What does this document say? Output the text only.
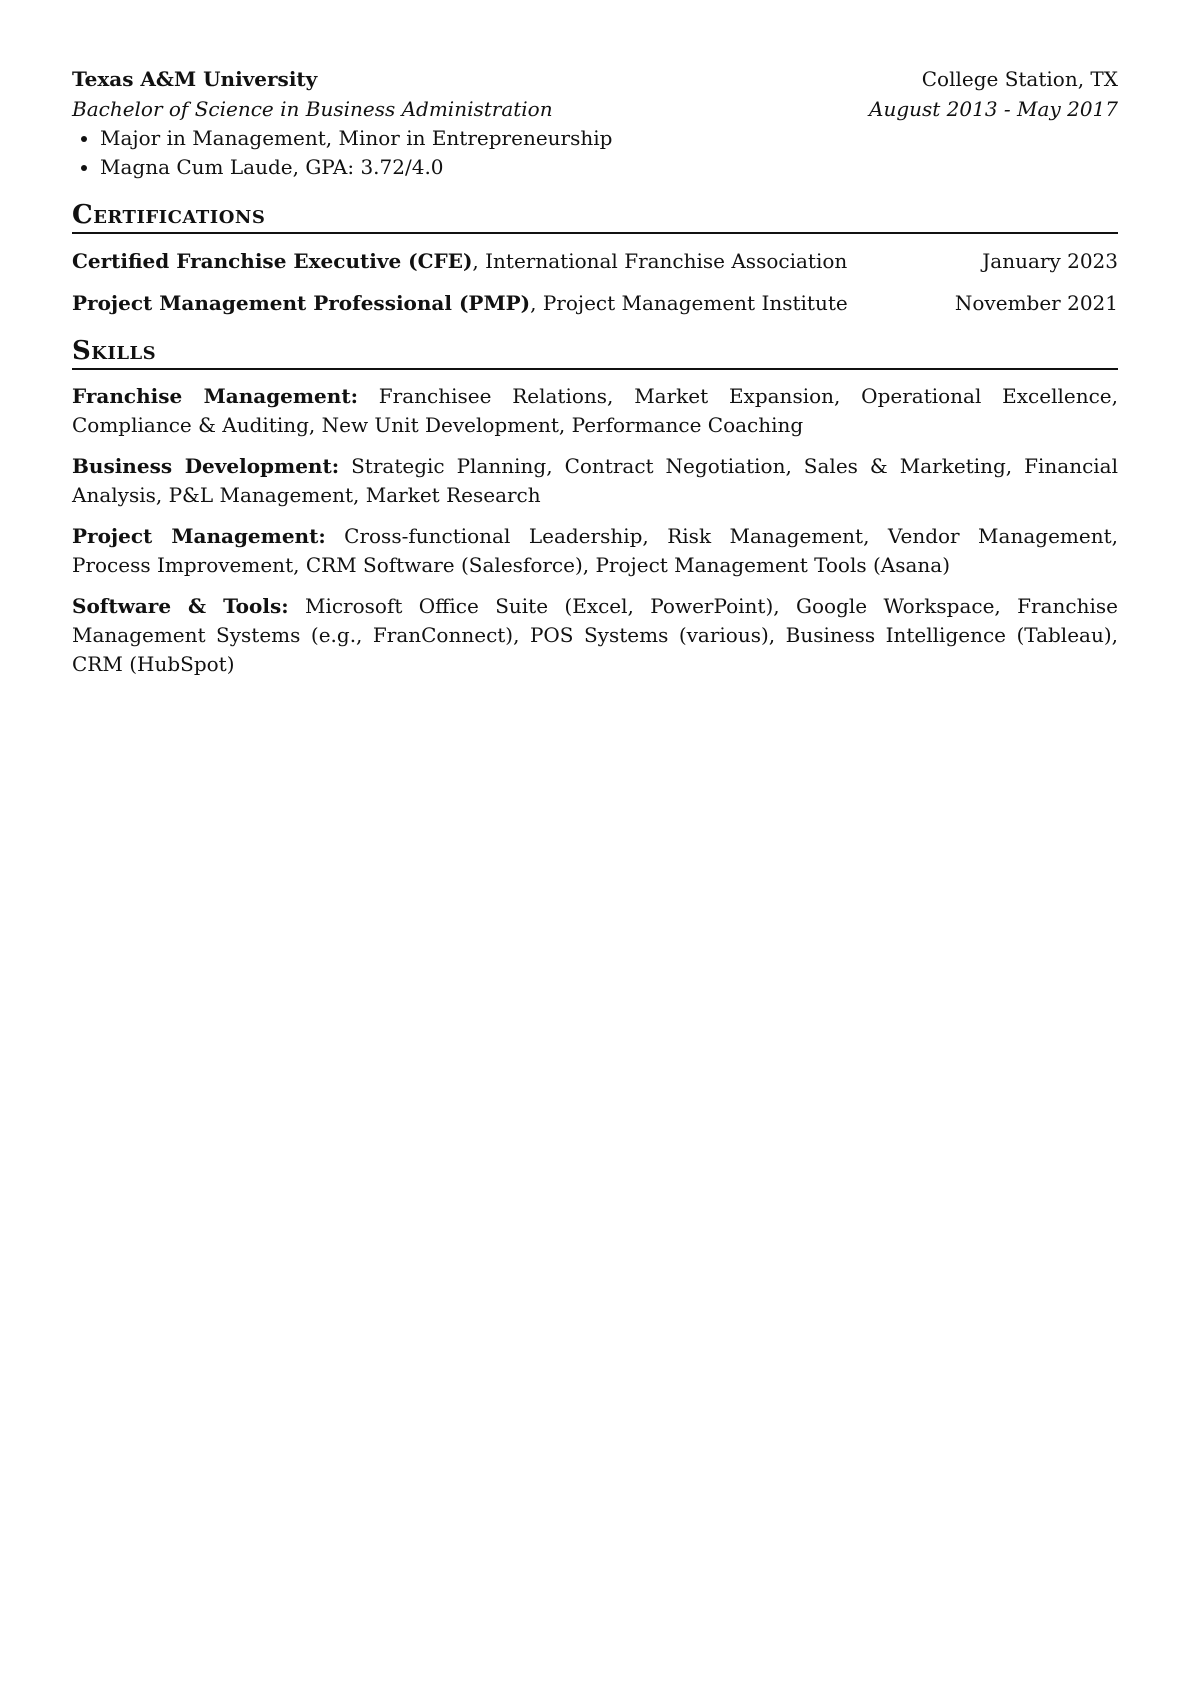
Texas A&M University	College Station, TX
Bachelor of Science in Business Administration	August 2013 - May 2017
• Major in Management, Minor in Entrepreneurship
• Magna Cum Laude, GPA: 3.72/4.0
Certifications
Certified Franchise Executive (CFE), International Franchise Association	January 2023
Project Management Professional (PMP), Project Management Institute	November 2021
Skills
Franchise Management: Franchisee Relations, Market Expansion, Operational Excellence, Compliance & Auditing, New Unit Development, Performance Coaching
Business Development: Strategic Planning, Contract Negotiation, Sales & Marketing, Financial Analysis, P&L Management, Market Research
Project Management: Cross-functional Leadership, Risk Management, Vendor Management, Process Improvement, CRM Software (Salesforce), Project Management Tools (Asana)
Software & Tools: Microsoft Office Suite (Excel, PowerPoint), Google Workspace, Franchise Management Systems (e.g., FranConnect), POS Systems (various), Business Intelligence (Tableau), CRM (HubSpot)
